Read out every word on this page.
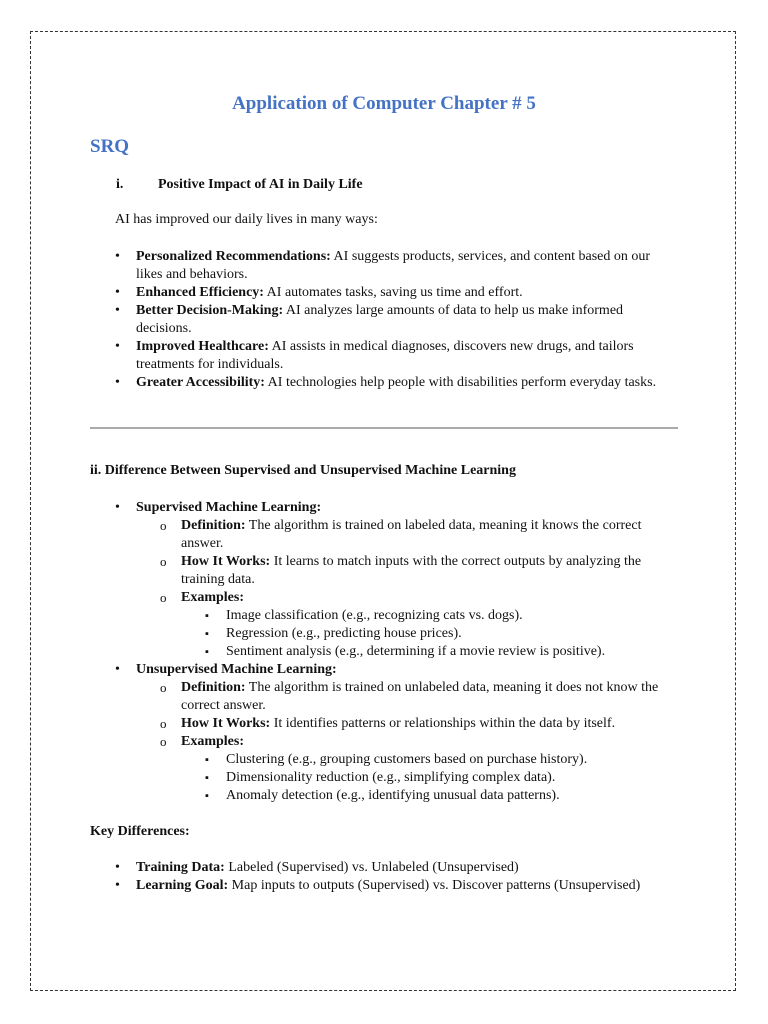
Application of Computer Chapter # 5
SRQ

i. Positive Impact of AI in Daily Life

AI has improved our daily lives in many ways:

• Personalized Recommendations: AI suggests products, services, and content based on our likes and behaviors.
• Enhanced Efficiency: AI automates tasks, saving us time and effort.
• Better Decision-Making: AI analyzes large amounts of data to help us make informed decisions.
• Improved Healthcare: AI assists in medical diagnoses, discovers new drugs, and tailors treatments for individuals.
• Greater Accessibility: AI technologies help people with disabilities perform everyday tasks.

ii. Difference Between Supervised and Unsupervised Machine Learning

• Supervised Machine Learning:
o Definition: The algorithm is trained on labeled data, meaning it knows the correct answer.
o How It Works: It learns to match inputs with the correct outputs by analyzing the training data.
o Examples:
▪ Image classification (e.g., recognizing cats vs. dogs).
▪ Regression (e.g., predicting house prices).
▪ Sentiment analysis (e.g., determining if a movie review is positive).
• Unsupervised Machine Learning:
o Definition: The algorithm is trained on unlabeled data, meaning it does not know the correct answer.
o How It Works: It identifies patterns or relationships within the data by itself.
o Examples:
▪ Clustering (e.g., grouping customers based on purchase history).
▪ Dimensionality reduction (e.g., simplifying complex data).
▪ Anomaly detection (e.g., identifying unusual data patterns).

Key Differences:

• Training Data: Labeled (Supervised) vs. Unlabeled (Unsupervised)
• Learning Goal: Map inputs to outputs (Supervised) vs. Discover patterns (Unsupervised)
